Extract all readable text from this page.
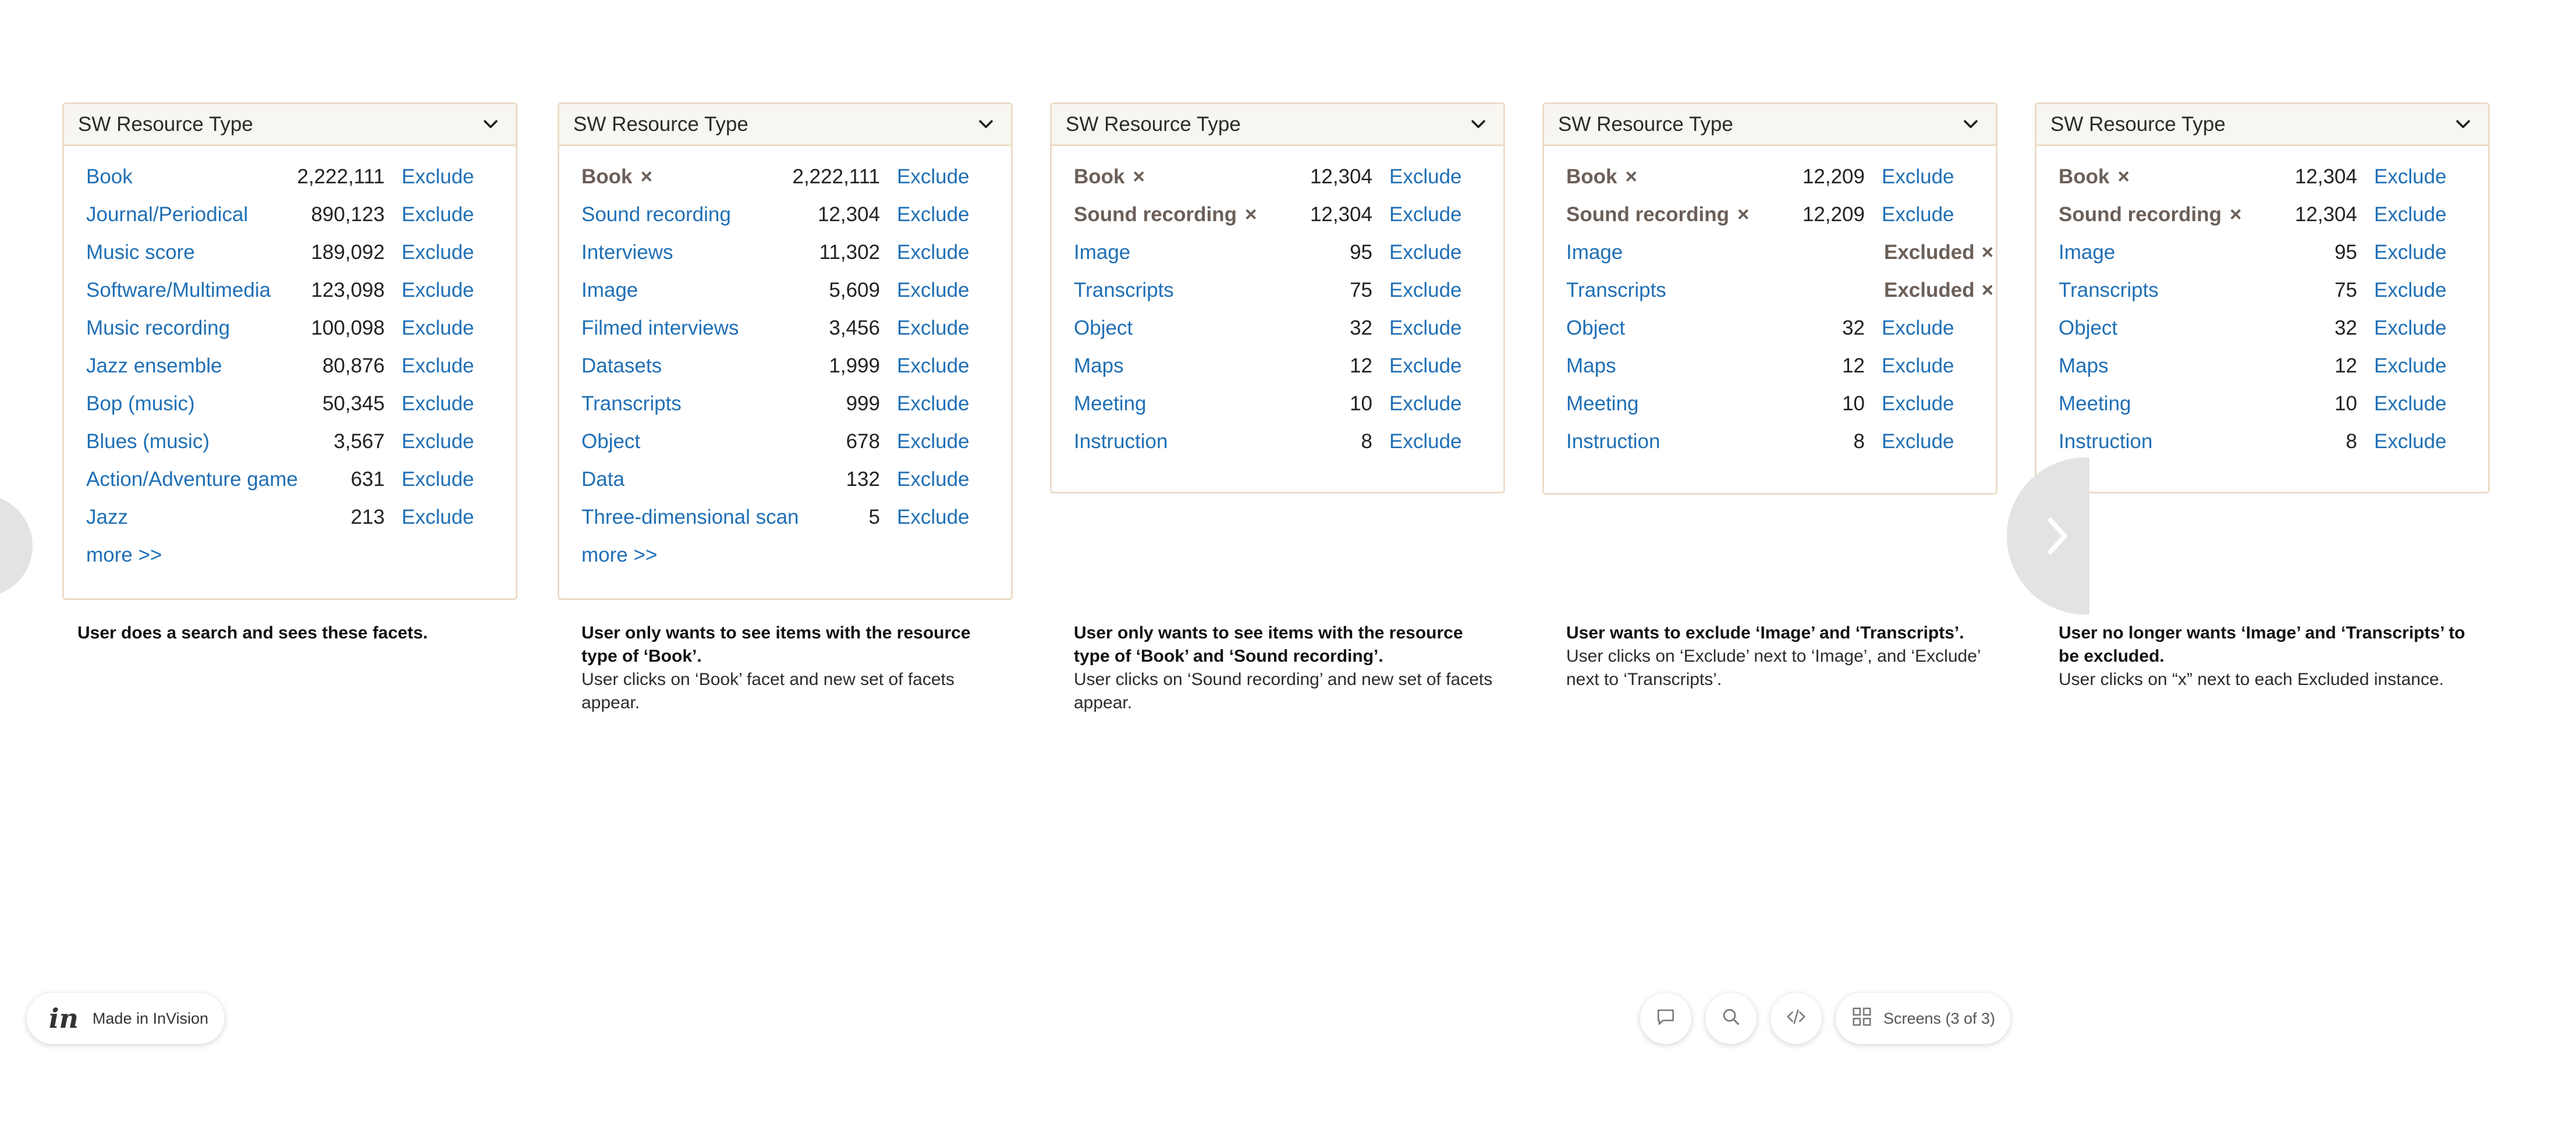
SW Resource Type
Book	2,222,111 Exclude
Journal/Periodical	890,123 Exclude
Music score	189,092 Exclude
Software/Multimedia 123,098 Exclude
Music recording	100,098 Exclude
Jazz ensemble	80,876 Exclude
Bop (music)	50,345 Exclude
Blues (music)	3,567 Exclude
Action/Adventure game	631 Exclude
Jazz	213 Exclude
more >>
SW Resource Type
Book ×	2,222,111 Exclude
Sound recording	12,304 Exclude
Interviews	11,302 Exclude
Image	5,609 Exclude
Filmed interviews	3,456 Exclude
Datasets	1,999 Exclude
Transcripts	999 Exclude
Object	678 Exclude
Data	132 Exclude
Three-dimensional scan	5 Exclude
more >>
SW Resource Type
Book ×	12,304 Exclude
Sound recording ×	12,304 Exclude
Image	95 Exclude
Transcripts	75 Exclude
Object	32 Exclude
Maps	12 Exclude
Meeting	10 Exclude
Instruction	8 Exclude
SW Resource Type
Book ×	12,209 Exclude
Sound recording ×	12,209 Exclude
Image	Excluded ×
Transcripts	Excluded ×
Object	32 Exclude
Maps	12 Exclude
Meeting	10 Exclude
Instruction	8 Exclude
SW Resource Type
Book ×	12,304 Exclude
Sound recording ×	12,304 Exclude
Image	95 Exclude
Transcripts	75 Exclude
Object	32 Exclude
Maps	12 Exclude
Meeting	10 Exclude
Instruction	8 Exclude
User does a search and sees these facets.	User only wants to see items with the resource type of ‘Book’.
User clicks on ‘Book’ facet and new set of facets appear.
User only wants to see items with the resource type of ‘Book’ and ‘Sound recording’.
User clicks on ‘Sound recording’ and new set of facets appear.
User wants to exclude ‘Image’ and ‘Transcripts’.
User clicks on ‘Exclude’ next to ‘Image’, and ‘Exclude’ next to ‘Transcripts’.
User no longer wants ‘Image’ and ‘Transcripts’ to be excluded.
User clicks on “x” next to each Excluded instance.
in Made in InVision	Screens (3 of 3)
